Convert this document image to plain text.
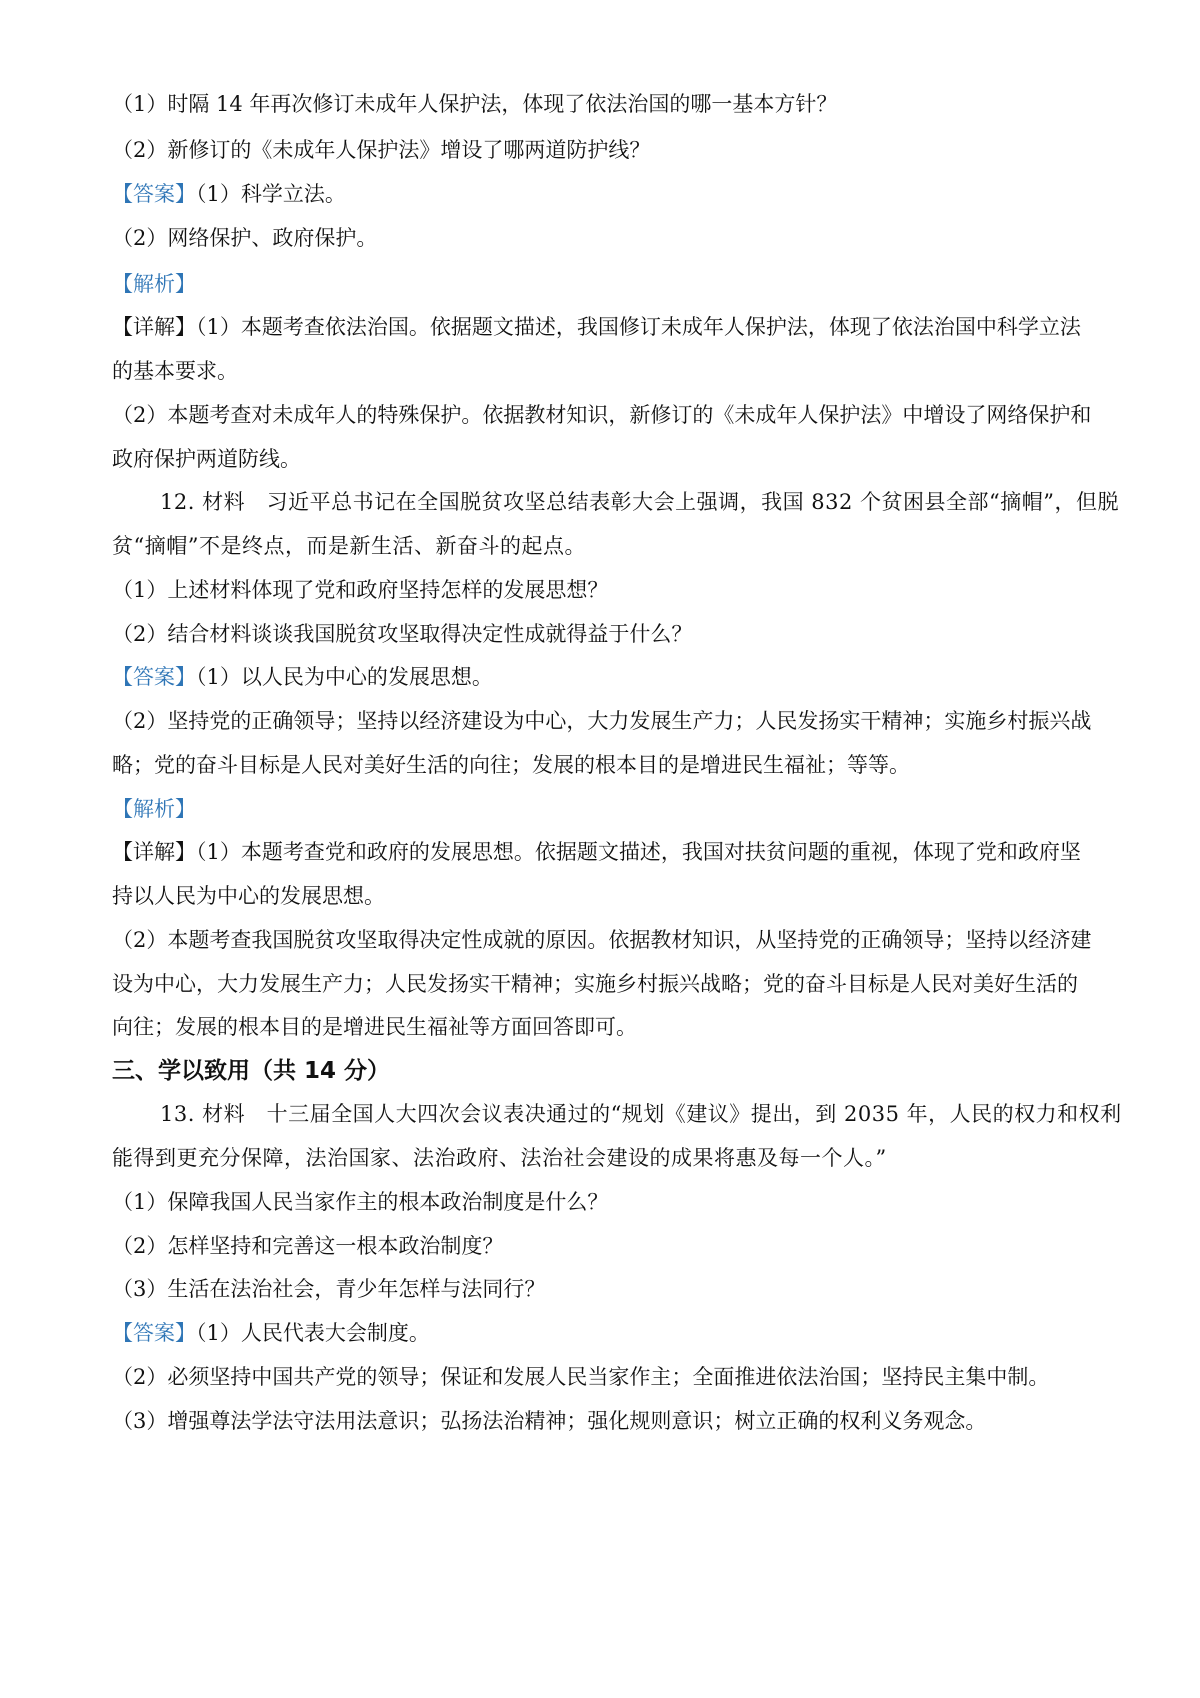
（1）时隔 14 年再次修订未成年人保护法，体现了依法治国的哪一基本方针？
（2）新修订的《未成年人保护法》增设了哪两道防护线？
【答案】（1）科学立法。
（2）网络保护、政府保护。
【解析】
【详解】（1）本题考查依法治国。依据题文描述，我国修订未成年人保护法，体现了依法治国中科学立法
的基本要求。
（2）本题考查对未成年人的特殊保护。依据教材知识，新修订的《未成年人保护法》中增设了网络保护和
政府保护两道防线。
12. 材料　习近平总书记在全国脱贫攻坚总结表彰大会上强调，我国 832 个贫困县全部“摘帽”，但脱
贫“摘帽”不是终点，而是新生活、新奋斗的起点。
（1）上述材料体现了党和政府坚持怎样的发展思想？
（2）结合材料谈谈我国脱贫攻坚取得决定性成就得益于什么？
【答案】（1）以人民为中心的发展思想。
（2）坚持党的正确领导；坚持以经济建设为中心，大力发展生产力；人民发扬实干精神；实施乡村振兴战
略；党的奋斗目标是人民对美好生活的向往；发展的根本目的是增进民生福祉；等等。
【解析】
【详解】（1）本题考查党和政府的发展思想。依据题文描述，我国对扶贫问题的重视，体现了党和政府坚
持以人民为中心的发展思想。
（2）本题考查我国脱贫攻坚取得决定性成就的原因。依据教材知识，从坚持党的正确领导；坚持以经济建
设为中心，大力发展生产力；人民发扬实干精神；实施乡村振兴战略；党的奋斗目标是人民对美好生活的
向往；发展的根本目的是增进民生福祉等方面回答即可。
三、学以致用（共 14 分）
13. 材料　十三届全国人大四次会议表决通过的“规划《建议》提出，到 2035 年，人民的权力和权利
能得到更充分保障，法治国家、法治政府、法治社会建设的成果将惠及每一个人。”
（1）保障我国人民当家作主的根本政治制度是什么？
（2）怎样坚持和完善这一根本政治制度？
（3）生活在法治社会，青少年怎样与法同行？
【答案】（1）人民代表大会制度。
（2）必须坚持中国共产党的领导；保证和发展人民当家作主；全面推进依法治国；坚持民主集中制。
（3）增强尊法学法守法用法意识；弘扬法治精神；强化规则意识；树立正确的权利义务观念。
